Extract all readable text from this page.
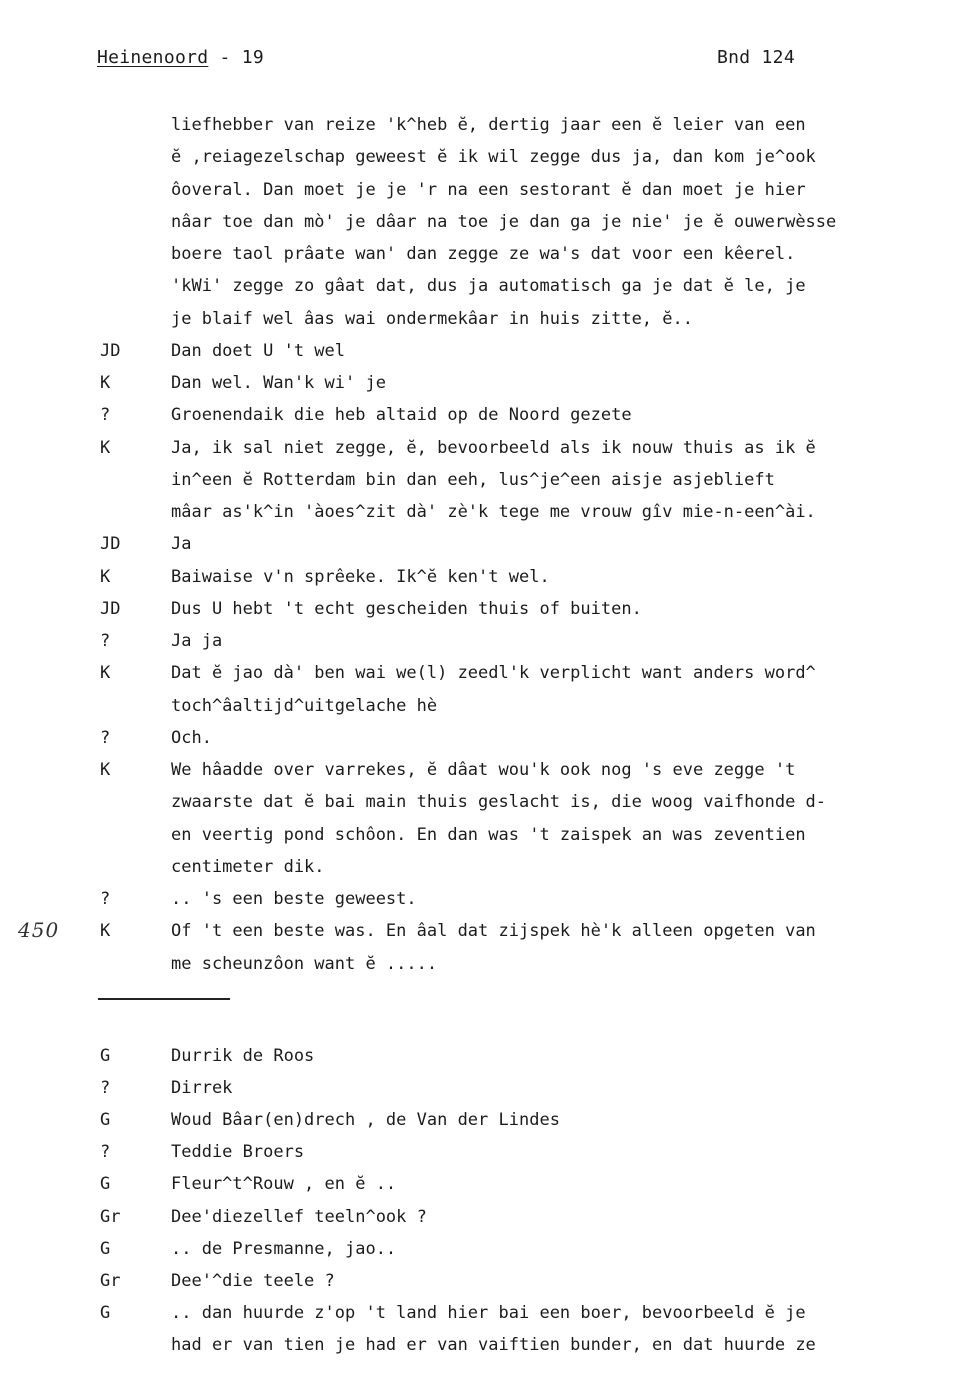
Heinenoord - 19	Bnd 124
450
liefhebber van reize 'k^heb ĕ, dertig jaar een ĕ leier van een
ĕ ,reiagezelschap geweest ĕ ik wil zegge dus ja, dan kom je^ook
ôoveral. Dan moet je je 'r na een sestorant ĕ dan moet je hier
nâar toe dan mò' je dâar na toe je dan ga je nie' je ĕ ouwerwèsse
boere taol prâate wan' dan zegge ze wa's dat voor een kêerel.
'kWi' zegge zo gâat dat, dus ja automatisch ga je dat ĕ le, je
je blaif wel âas wai ondermekâar in huis zitte, ĕ..
JD	Dan doet U 't wel
K	Dan wel. Wan'k wi' je
?	Groenendaik die heb altaid op de Noord gezete
K	Ja, ik sal niet zegge, ĕ, bevoorbeeld als ik nouw thuis as ik ĕ
in^een ĕ Rotterdam bin dan eeh, lus^je^een aisje asjeblieft
mâar as'k^in 'àoes^zit dà' zè'k tege me vrouw gîv mie-n-een^ài.
JD	Ja
K	Baiwaise v'n sprêeke. Ik^ĕ ken't wel.
JD	Dus U hebt 't echt gescheiden thuis of buiten.
?	Ja ja
K	Dat ĕ jao dà' ben wai we(l) zeedl'k verplicht want anders word^
toch^âaltijd^uitgelache hè
?	Och.
K	We hâadde over varrekes, ĕ dâat wou'k ook nog 's eve zegge 't
zwaarste dat ĕ bai main thuis geslacht is, die woog vaifhonde d-
en veertig pond schôon. En dan was 't zaispek an was zeventien
centimeter dik.
?	.. 's een beste geweest.
K	Of 't een beste was. En âal dat zijspek hè'k alleen opgeten van
me scheunzôon want ĕ .....
G	Durrik de Roos
?	Dirrek
G	Woud Bâar(en)drech , de Van der Lindes
?	Teddie Broers
G	Fleur^t^Rouw , en ĕ ..
Gr	Dee'diezellef teeln^ook ?
G	.. de Presmanne, jao..
Gr	Dee'^die teele ?
G	.. dan huurde z'op 't land hier bai een boer, bevoorbeeld ĕ je
had er van tien je had er van vaiftien bunder, en dat huurde ze
